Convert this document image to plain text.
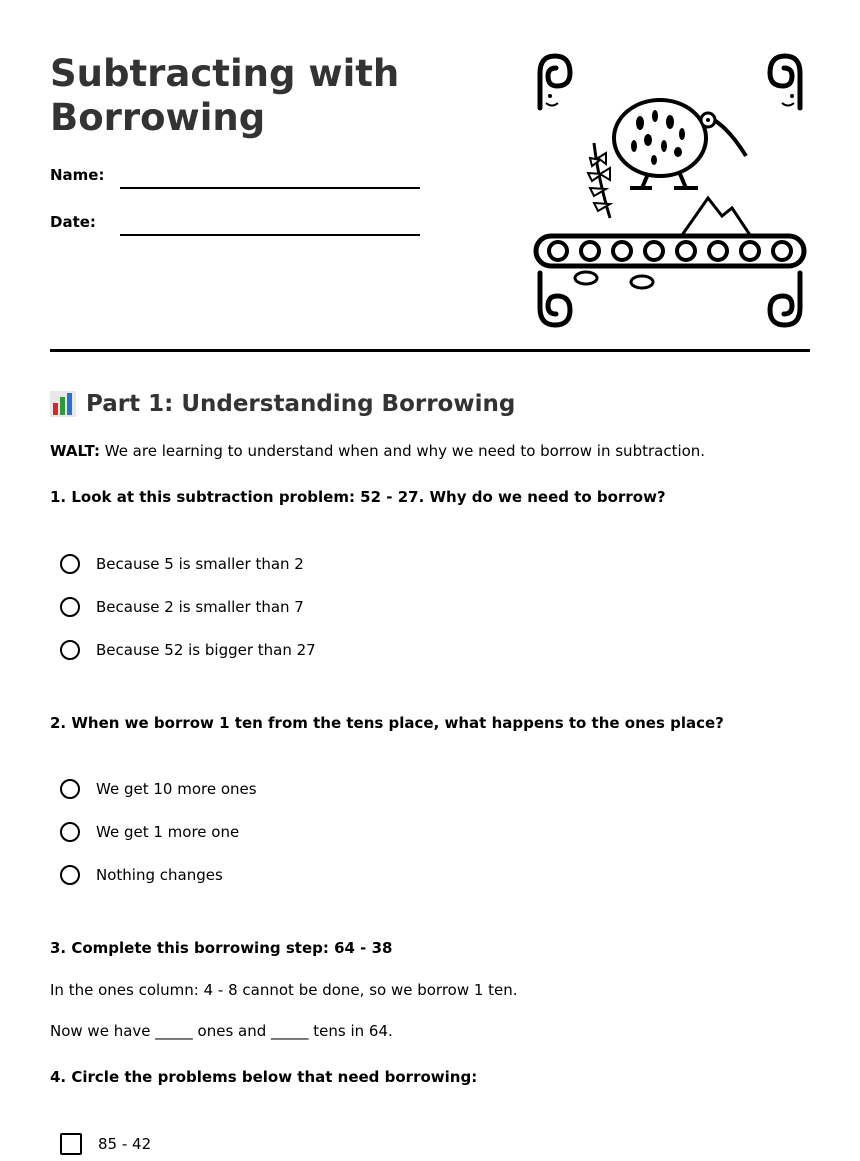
Subtracting with Borrowing
Name:
Date:
Part 1: Understanding Borrowing
WALT: We are learning to understand when and why we need to borrow in subtraction.
1. Look at this subtraction problem: 52 - 27. Why do we need to borrow?
Because 5 is smaller than 2
Because 2 is smaller than 7
Because 52 is bigger than 27
2. When we borrow 1 ten from the tens place, what happens to the ones place?
We get 10 more ones
We get 1 more one
Nothing changes
3. Complete this borrowing step: 64 - 38
In the ones column: 4 - 8 cannot be done, so we borrow 1 ten.
Now we have _____ ones and _____ tens in 64.
4. Circle the problems below that need borrowing:
85 - 42
